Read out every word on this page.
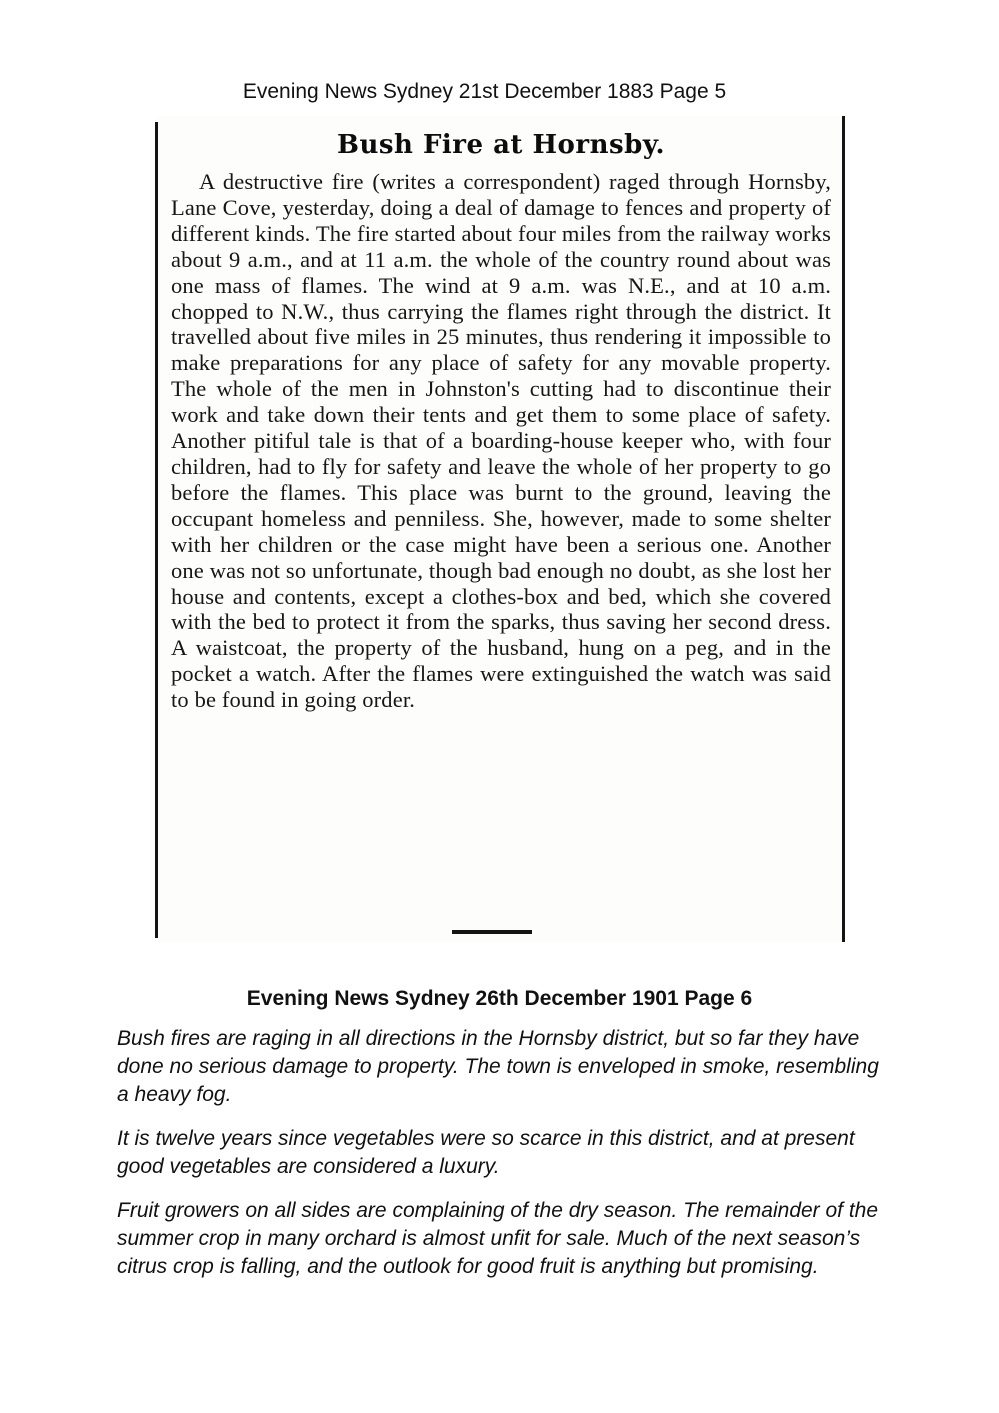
Evening News Sydney 21st December 1883 Page 5
Bush Fire at Hornsby.

A destructive fire (writes a correspondent) raged through Hornsby, Lane Cove, yesterday, doing a deal of damage to fences and property of different kinds. The fire started about four miles from the railway works about 9 a.m., and at 11 a.m. the whole of the country round about was one mass of flames. The wind at 9 a.m. was N.E., and at 10 a.m. chopped to N.W., thus carrying the flames right through the district. It travelled about five miles in 25 minutes, thus rendering it impossible to make preparations for any place of safety for any movable property. The whole of the men in Johnston's cutting had to discontinue their work and take down their tents and get them to some place of safety. Another pitiful tale is that of a boarding-house keeper who, with four children, had to fly for safety and leave the whole of her property to go before the flames. This place was burnt to the ground, leaving the occupant homeless and penniless. She, however, made to some shelter with her children or the case might have been a serious one. Another one was not so unfortunate, though bad enough no doubt, as she lost her house and contents, except a clothes-box and bed, which she covered with the bed to protect it from the sparks, thus saving her second dress. A waistcoat, the property of the husband, hung on a peg, and in the pocket a watch. After the flames were extinguished the watch was said to be found in going order.

Evening News Sydney 26th December 1901 Page 6

Bush fires are raging in all directions in the Hornsby district, but so far they have done no serious damage to property. The town is enveloped in smoke, resembling a heavy fog.

It is twelve years since vegetables were so scarce in this district, and at present good vegetables are considered a luxury.

Fruit growers on all sides are complaining of the dry season. The remainder of the summer crop in many orchard is almost unfit for sale. Much of the next season’s citrus crop is falling, and the outlook for good fruit is anything but promising.
